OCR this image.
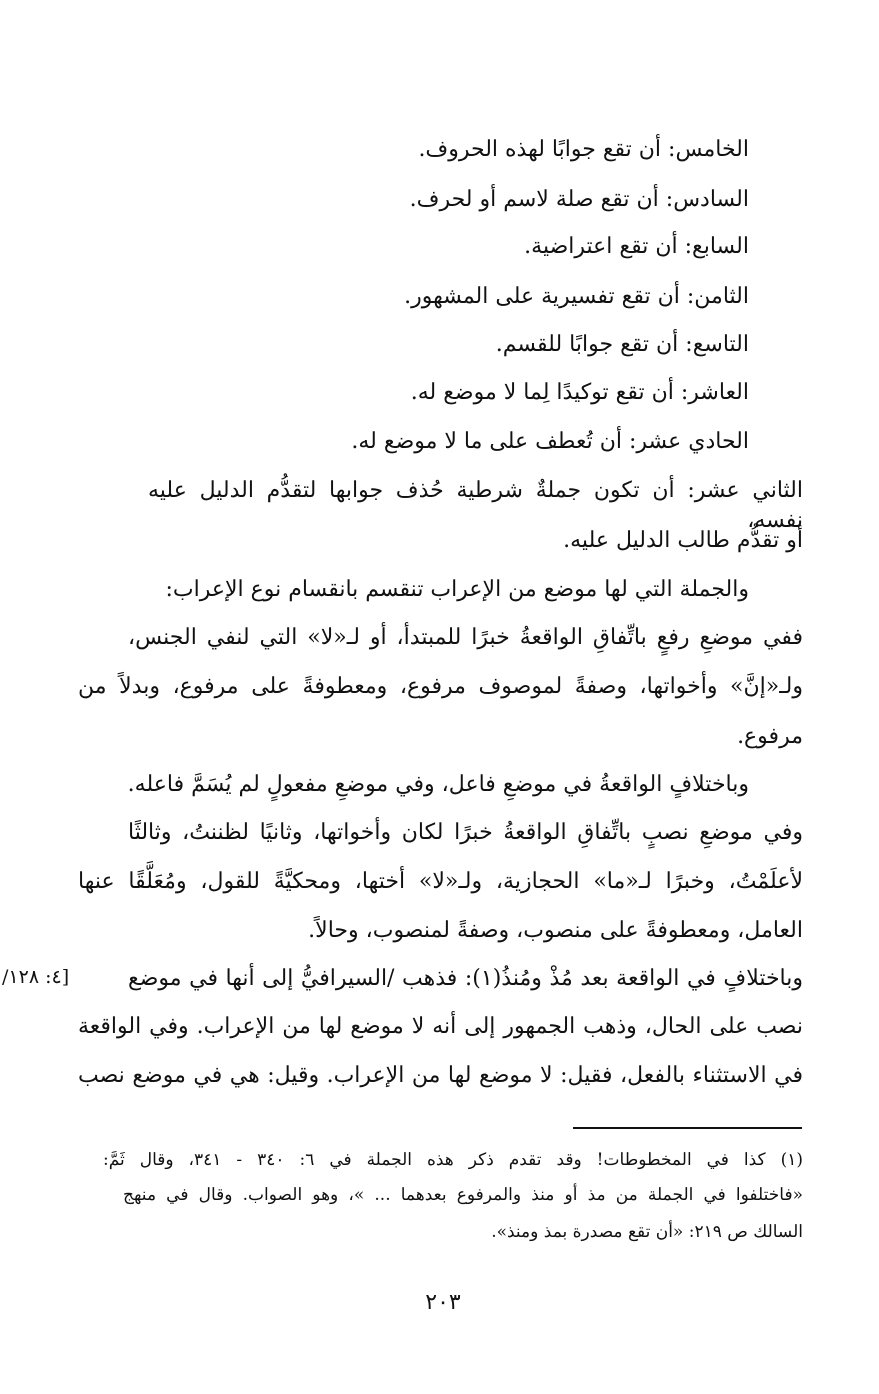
الخامس: أن تقع جوابًا لهذه الحروف.
السادس: أن تقع صلة لاسم أو لحرف.
السابع: أن تقع اعتراضية.
الثامن: أن تقع تفسيرية على المشهور.
التاسع: أن تقع جوابًا للقسم.
العاشر: أن تقع توكيدًا لِما لا موضع له.
الحادي عشر: أن تُعطف على ما لا موضع له.
الثاني عشر: أن تكون جملةٌ شرطية حُذف جوابها لتقدُّم الدليل عليه نفسه،
أو تقدُّم طالب الدليل عليه.
والجملة التي لها موضع من الإعراب تنقسم بانقسام نوع الإعراب:
ففي موضعِ رفعٍ باتِّفاقِ الواقعةُ خبرًا للمبتدأ، أو لـ«لا» التي لنفي الجنس،
ولـ«إنَّ» وأخواتها، وصفةً لموصوف مرفوع، ومعطوفةً على مرفوع، وبدلاً من
مرفوع.
وباختلافٍ الواقعةُ في موضعِ فاعل، وفي موضعِ مفعولٍ لم يُسَمَّ فاعله.
وفي موضعِ نصبٍ باتِّفاقِ الواقعةُ خبرًا لكان وأخواتها، وثانيًا لظننتُ، وثالثًا
لأعلَمْتُ، وخبرًا لـ«ما» الحجازية، ولـ«لا» أختها، ومحكيَّةً للقول، ومُعَلَّقًا عنها
العامل، ومعطوفةً على منصوب، وصفةً لمنصوب، وحالاً.
وباختلافٍ في الواقعة بعد مُذْ ومُنذُ(١): فذهب /السيرافيُّ إلى أنها في موضع
نصب على الحال، وذهب الجمهور إلى أنه لا موضع لها من الإعراب. وفي الواقعة
في الاستثناء بالفعل، فقيل: لا موضع لها من الإعراب. وقيل: هي في موضع نصب
[٤: ١٢٨/
(١) كذا في المخطوطات! وقد تقدم ذكر هذه الجملة في ٦: ٣٤٠ - ٣٤١، وقال ثَمَّ:
«فاختلفوا في الجملة من مذ أو منذ والمرفوع بعدهما ... »، وهو الصواب. وقال في منهج
السالك ص ٢١٩: «أن تقع مصدرة بمذ ومنذ».
٢٠٣
